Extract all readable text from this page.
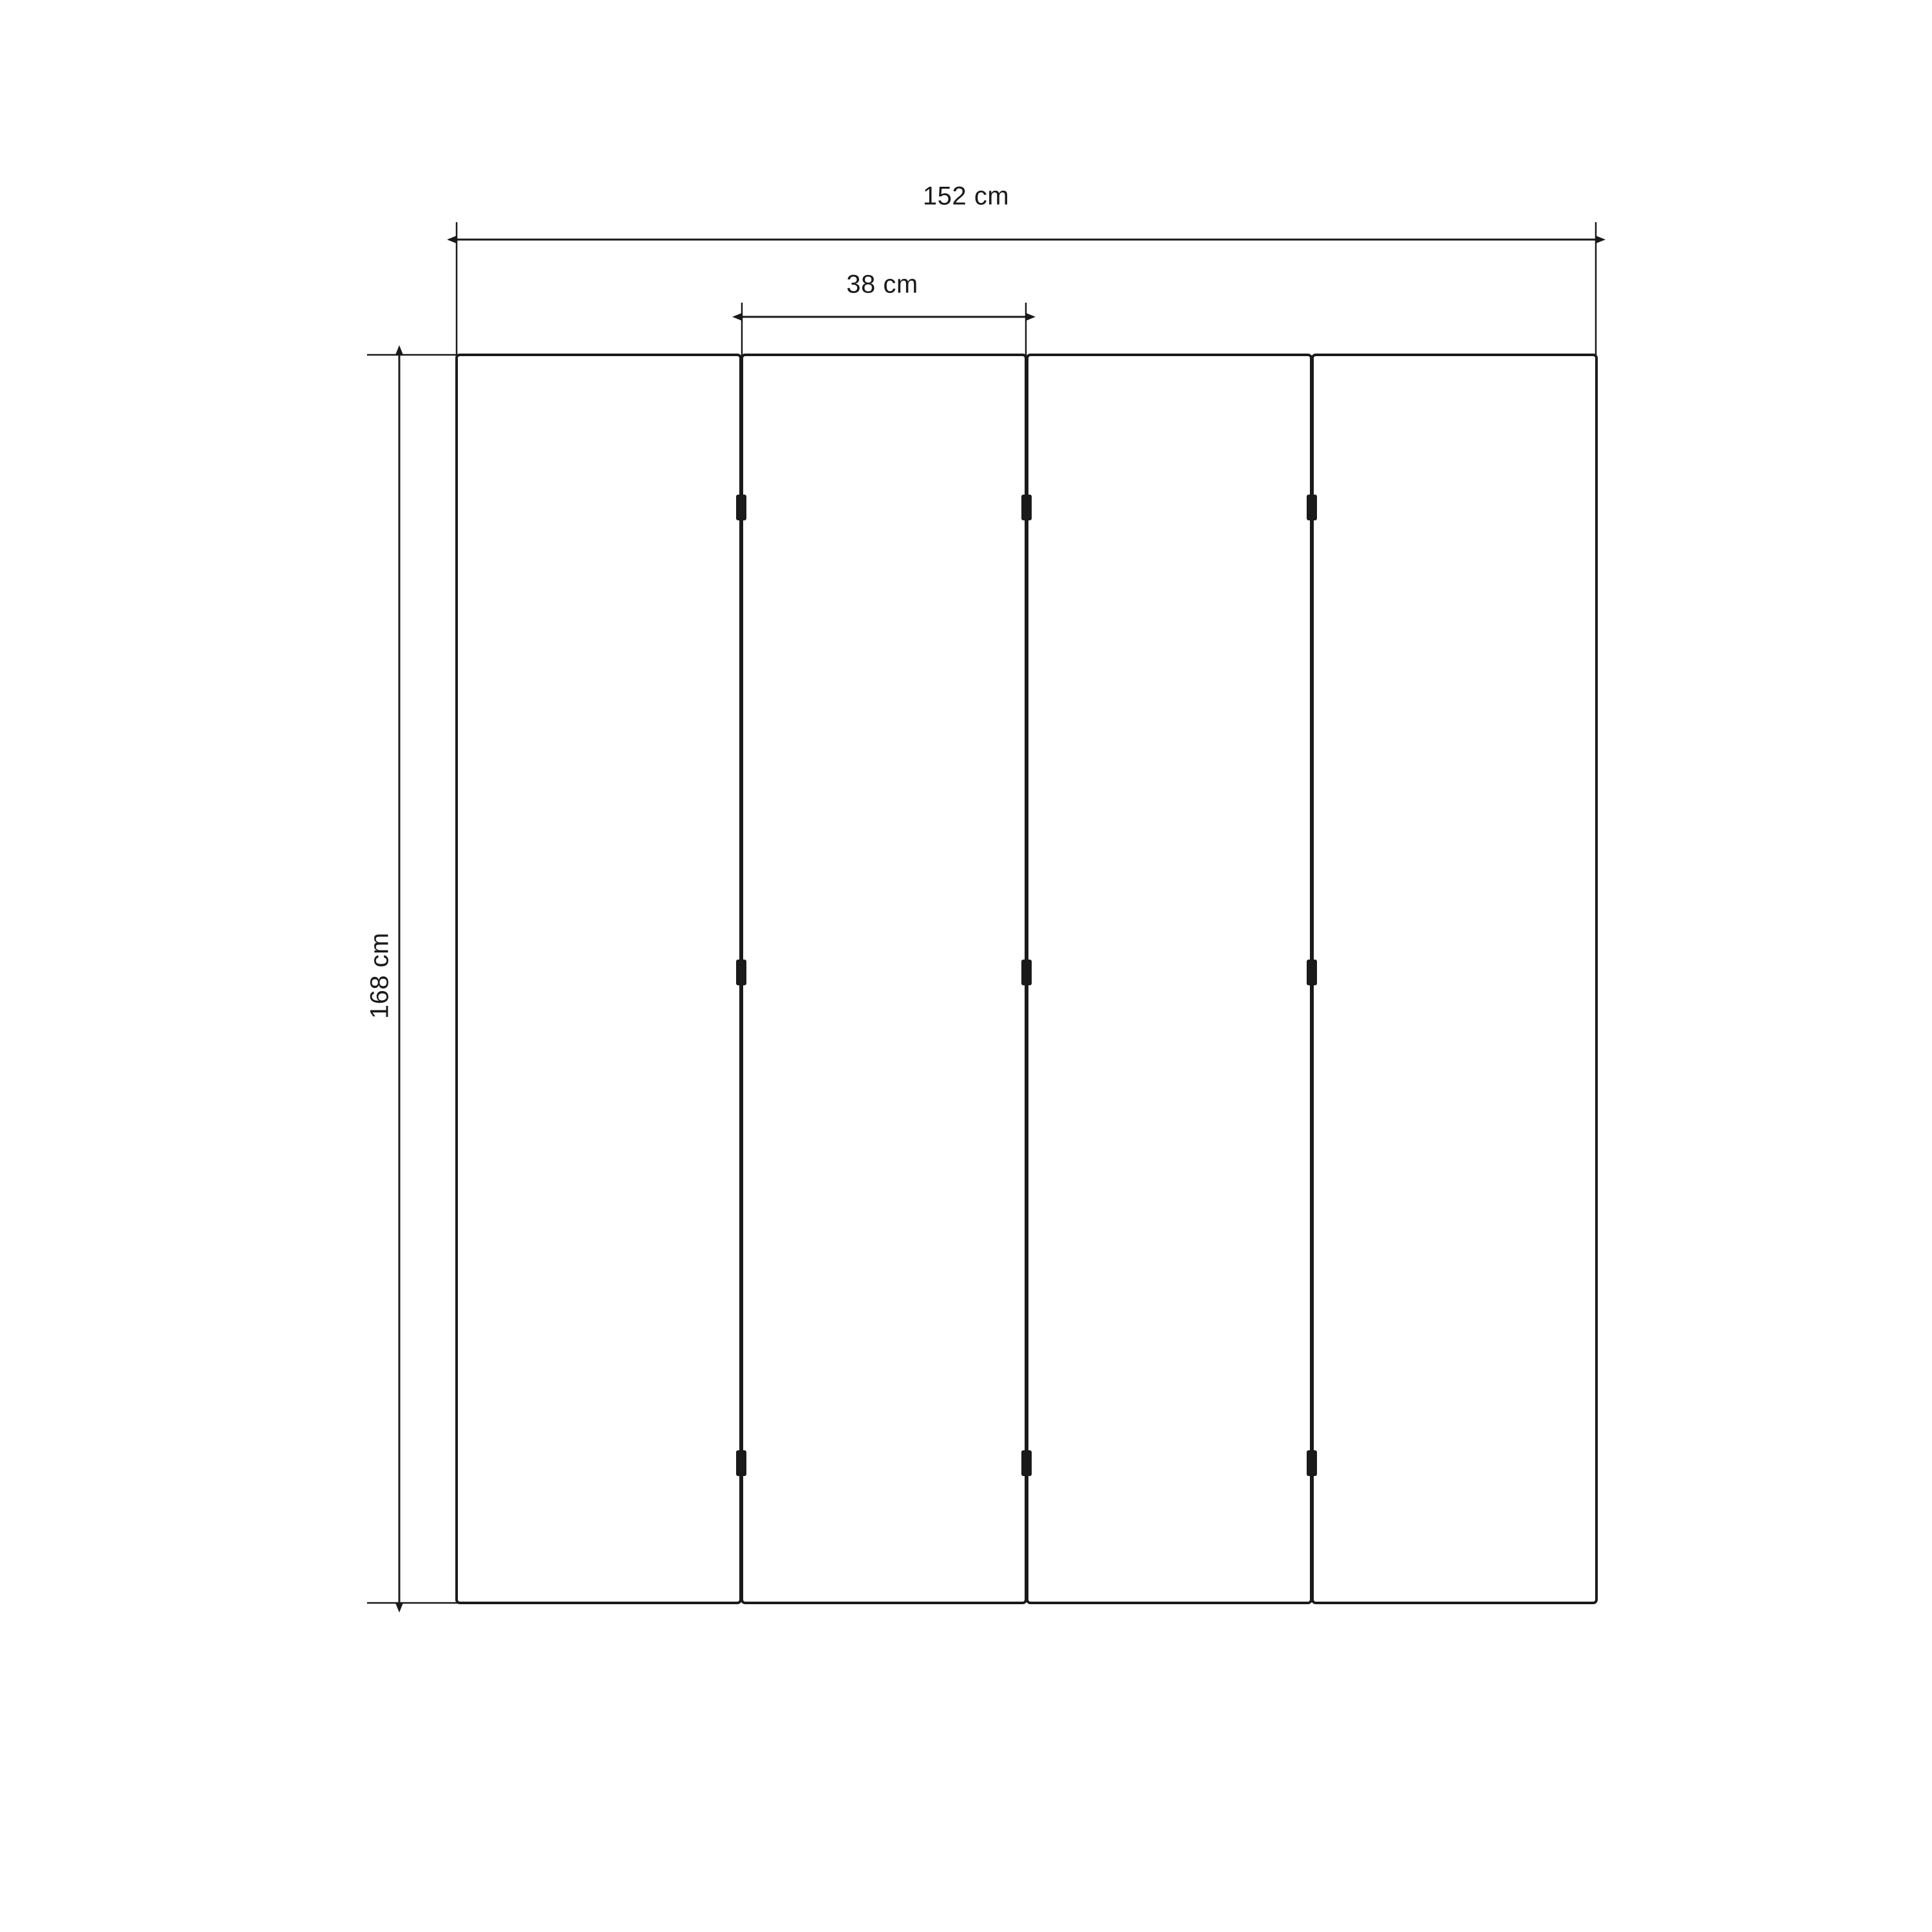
152 cm
38 cm
168 cm
